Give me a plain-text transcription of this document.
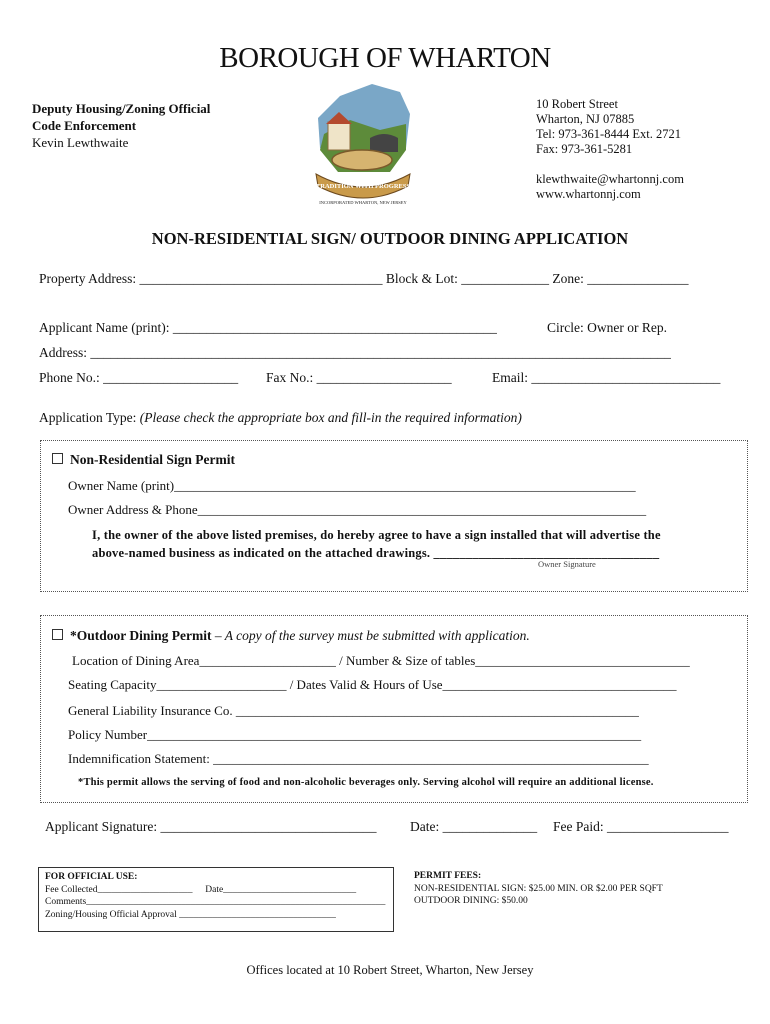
BOROUGH OF WHARTON
Deputy Housing/Zoning Official
Code Enforcement
Kevin Lewthwaite
10 Robert Street
Wharton, NJ 07885
Tel: 973-361-8444 Ext. 2721
Fax: 973-361-5281
klewthwaite@whartonnj.com
www.whartonnj.com
TRADITION WITH PROGRESS
INCORPORATED WHARTON, NEW JERSEY
NON-RESIDENTIAL SIGN/ OUTDOOR DINING APPLICATION
Property Address: ____________________________________ Block & Lot: _____________ Zone: _______________
Applicant Name (print): ________________________________________________	Circle: Owner or Rep.
Address: ______________________________________________________________________________________
Phone No.: ____________________ Fax No.: ____________________	Email: ____________________________
Application Type: (Please check the appropriate box and fill-in the required information)
Non-Residential Sign Permit
Owner Name (print)_______________________________________________________________________
Owner Address & Phone_____________________________________________________________________
I, the owner of the above listed premises, do hereby agree to have a sign installed that will advertise the
above-named business as indicated on the attached drawings. ___________________________________
Owner Signature
*Outdoor Dining Permit – A copy of the survey must be submitted with application.
Location of Dining Area_____________________ / Number & Size of tables_________________________________
Seating Capacity____________________ / Dates Valid & Hours of Use____________________________________
General Liability Insurance Co. ______________________________________________________________
Policy Number____________________________________________________________________________
Indemnification Statement: ___________________________________________________________________
*This permit allows the serving of food and non-alcoholic beverages only. Serving alcohol will require an additional license.
Applicant Signature: ________________________________ Date: ______________ Fee Paid: __________________
FOR OFFICIAL USE:
Fee Collected____________________ Date____________________________
Comments_______________________________________________________________
Zoning/Housing Official Approval _________________________________
PERMIT FEES:
NON-RESIDENTIAL SIGN: $25.00 MIN. OR $2.00 PER SQFT
OUTDOOR DINING: $50.00
Offices located at 10 Robert Street, Wharton, New Jersey
